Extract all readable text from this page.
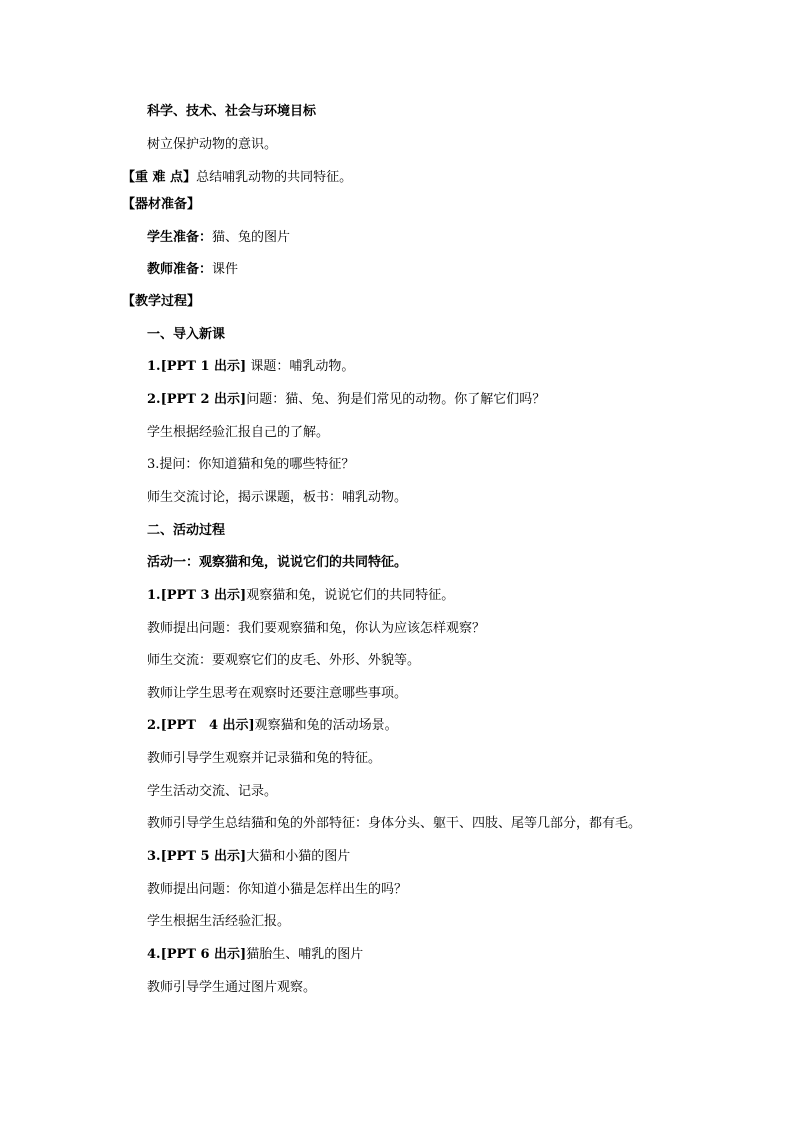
科学、技术、社会与环境目标
树立保护动物的意识。
【重 难 点】总结哺乳动物的共同特征。
【器材准备】
学生准备：猫、兔的图片
教师准备：课件
【教学过程】
一、导入新课
1.[PPT 1 出示] 课题：哺乳动物。
2.[PPT 2 出示]问题：猫、兔、狗是们常见的动物。你了解它们吗？
学生根据经验汇报自己的了解。
3.提问：你知道猫和兔的哪些特征？
师生交流讨论，揭示课题，板书：哺乳动物。
二、活动过程
活动一：观察猫和兔，说说它们的共同特征。
1.[PPT 3 出示]观察猫和兔，说说它们的共同特征。
教师提出问题：我们要观察猫和兔，你认为应该怎样观察？
师生交流：要观察它们的皮毛、外形、外貌等。
教师让学生思考在观察时还要注意哪些事项。
2.[PPT　4 出示]观察猫和兔的活动场景。
教师引导学生观察并记录猫和兔的特征。
学生活动交流、记录。
教师引导学生总结猫和兔的外部特征：身体分头、躯干、四肢、尾等几部分，都有毛。
3.[PPT 5 出示]大猫和小猫的图片
教师提出问题：你知道小猫是怎样出生的吗？
学生根据生活经验汇报。
4.[PPT 6 出示]猫胎生、哺乳的图片
教师引导学生通过图片观察。
